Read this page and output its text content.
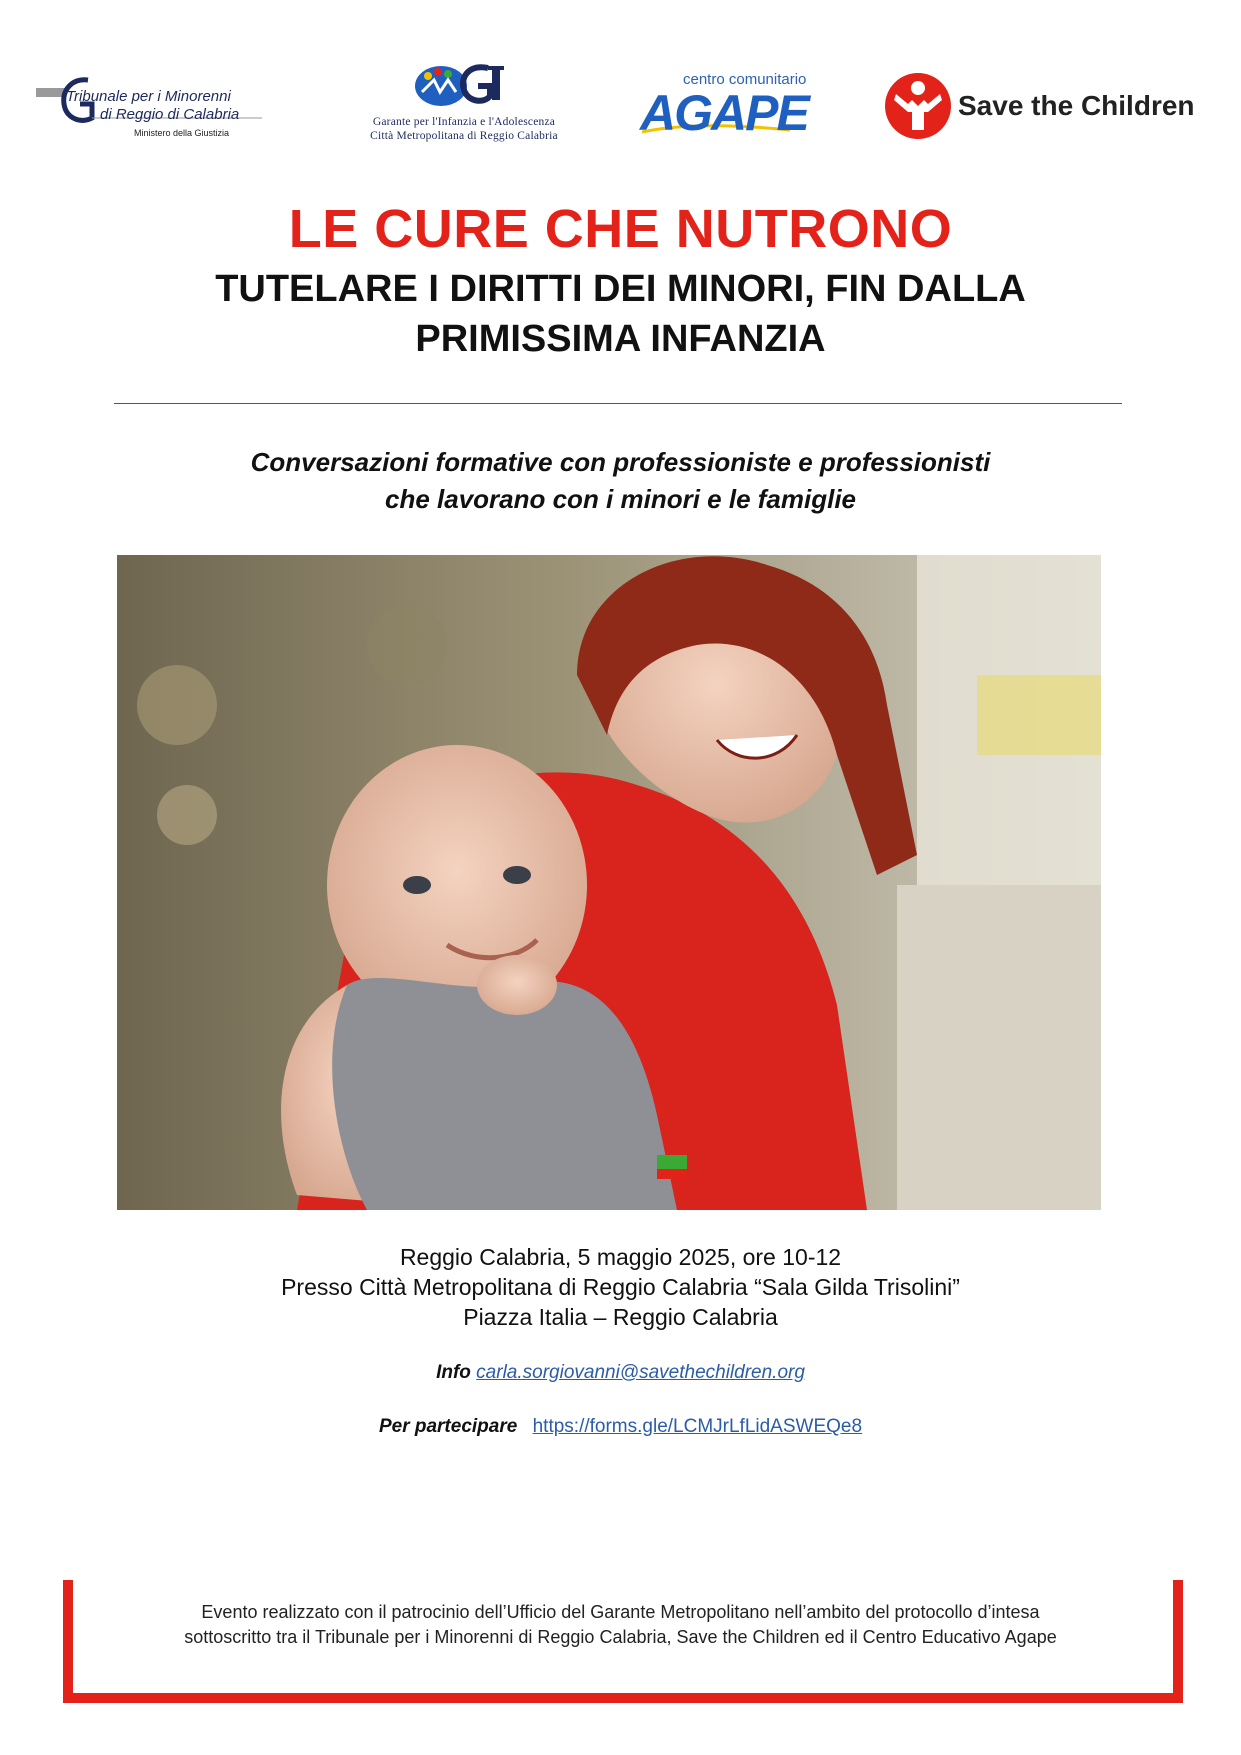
Tribunale per i Minorenni
di Reggio di Calabria
Ministero della Giustizia
Garante per l'Infanzia e l'Adolescenza
Città Metropolitana di Reggio Calabria
centro comunitario
AGAPE	Save the Children
LE CURE CHE NUTRONO
TUTELARE I DIRITTI DEI MINORI, FIN DALLA
PRIMISSIMA INFANZIA
Conversazioni formative con professioniste e professionisti
che lavorano con i minori e le famiglie
Reggio Calabria, 5 maggio 2025, ore 10-12
Presso Città Metropolitana di Reggio Calabria “Sala Gilda Trisolini”
Piazza Italia – Reggio Calabria
Info carla.sorgiovanni@savethechildren.org
Per partecipare https://forms.gle/LCMJrLfLidASWEQe8
Evento realizzato con il patrocinio dell’Ufficio del Garante Metropolitano nell’ambito del protocollo d’intesa
sottoscritto tra il Tribunale per i Minorenni di Reggio Calabria, Save the Children ed il Centro Educativo Agape
